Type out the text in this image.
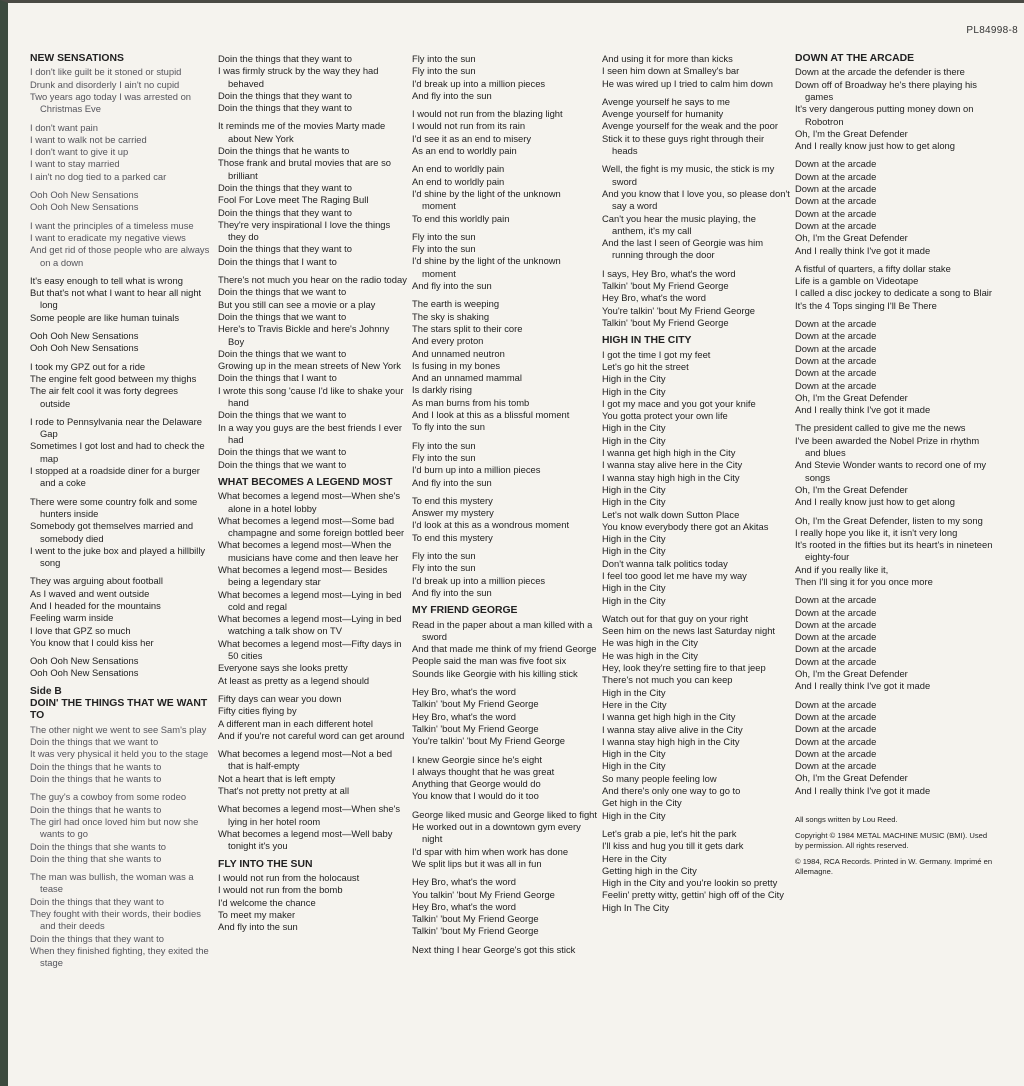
PL84998-8
NEW SENSATIONS
I don't like guilt be it stoned or stupid
Drunk and disorderly I ain't no cupid
Two years ago today I was arrested on Christmas Eve
I don't want pain
I want to walk not be carried
I don't want to give it up
I want to stay married
I ain't no dog tied to a parked car
Ooh Ooh New Sensations
Ooh Ooh New Sensations
I want the principles of a timeless muse
I want to eradicate my negative views
And get rid of those people who are always on a down
It's easy enough to tell what is wrong
But that's not what I want to hear all night long
Some people are like human tuinals
Ooh Ooh New Sensations
Ooh Ooh New Sensations
I took my GPZ out for a ride
The engine felt good between my thighs
The air felt cool it was forty degrees outside
I rode to Pennsylvania near the Delaware Gap
Sometimes I got lost and had to check the map
I stopped at a roadside diner for a burger and a coke
There were some country folk and some hunters inside
Somebody got themselves married and somebody died
I went to the juke box and played a hillbilly song
They was arguing about football
As I waved and went outside
And I headed for the mountains
Feeling warm inside
I love that GPZ so much
You know that I could kiss her
Ooh Ooh New Sensations
Ooh Ooh New Sensations
Side B
DOIN' THE THINGS THAT WE WANT TO
The other night we went to see Sam's play
Doin the things that we want to
It was very physical it held you to the stage
Doin the things that he wants to
Doin the things that he wants to
The guy's a cowboy from some rodeo
Doin the things that he wants to
The girl had once loved him but now she wants to go
Doin the things that she wants to
Doin the thing that she wants to
The man was bullish, the woman was a tease
Doin the things that they want to
They fought with their words, their bodies and their deeds
Doin the things that they want to
When they finished fighting, they exited the stage
Doin the things that they want to
I was firmly struck by the way they had behaved
Doin the things that they want to
Doin the things that they want to
It reminds me of the movies Marty made about New York
Doin the things that he wants to
Those frank and brutal movies that are so brilliant
Doin the things that they want to
Fool For Love meet The Raging Bull
Doin the things that they want to
They're very inspirational I love the things they do
Doin the things that they want to
Doin the things that I want to
There's not much you hear on the radio today
Doin the things that we want to
But you still can see a movie or a play
Doin the things that we want to
Here's to Travis Bickle and here's Johnny Boy
Doin the things that we want to
Growing up in the mean streets of New York
Doin the things that I want to
I wrote this song 'cause I'd like to shake your hand
Doin the things that we want to
In a way you guys are the best friends I ever had
Doin the things that we want to
Doin the things that we want to
WHAT BECOMES A LEGEND MOST
What becomes a legend most—When she's alone in a hotel lobby
What becomes a legend most—Some bad champagne and some foreign bottled beer
What becomes a legend most—When the musicians have come and then leave her
What becomes a legend most— Besides being a legendary star
What becomes a legend most—Lying in bed cold and regal
What becomes a legend most—Lying in bed watching a talk show on TV
What becomes a legend most—Fifty days in 50 cities
Everyone says she looks pretty
At least as pretty as a legend should
Fifty days can wear you down
Fifty cities flying by
A different man in each different hotel
And if you're not careful word can get around
What becomes a legend most—Not a bed that is half-empty
Not a heart that is left empty
That's not pretty not pretty at all
What becomes a legend most—When she's lying in her hotel room
What becomes a legend most—Well baby tonight it's you
FLY INTO THE SUN
I would not run from the holocaust
I would not run from the bomb
I'd welcome the chance
To meet my maker
And fly into the sun
Fly into the sun
Fly into the sun
I'd break up into a million pieces
And fly into the sun
I would not run from the blazing light
I would not run from its rain
I'd see it as an end to misery
As an end to worldly pain
An end to worldly pain
An end to worldly pain
I'd shine by the light of the unknown moment
To end this worldly pain
Fly into the sun
Fly into the sun
I'd shine by the light of the unknown moment
And fly into the sun
The earth is weeping
The sky is shaking
The stars split to their core
And every proton
And unnamed neutron
Is fusing in my bones
And an unnamed mammal
Is darkly rising
As man burns from his tomb
And I look at this as a blissful moment
To fly into the sun
Fly into the sun
Fly into the sun
I'd burn up into a million pieces
And fly into the sun
To end this mystery
Answer my mystery
I'd look at this as a wondrous moment
To end this mystery
Fly into the sun
Fly into the sun
I'd break up into a million pieces
And fly into the sun
MY FRIEND GEORGE
Read in the paper about a man killed with a sword
And that made me think of my friend George
People said the man was five foot six
Sounds like Georgie with his killing stick
Hey Bro, what's the word
Talkin' 'bout My Friend George
Hey Bro, what's the word
Talkin' 'bout My Friend George
You're talkin' 'bout My Friend George
I knew Georgie since he's eight
I always thought that he was great
Anything that George would do
You know that I would do it too
George liked music and George liked to fight
He worked out in a downtown gym every night
I'd spar with him when work has done
We split lips but it was all in fun
Hey Bro, what's the word
You talkin' 'bout My Friend George
Hey Bro, what's the word
Talkin' 'bout My Friend George
Talkin' 'bout My Friend George
Next thing I hear George's got this stick
And using it for more than kicks
I seen him down at Smalley's bar
He was wired up I tried to calm him down
Avenge yourself he says to me
Avenge yourself for humanity
Avenge yourself for the weak and the poor
Stick it to these guys right through their heads
Well, the fight is my music, the stick is my sword
And you know that I love you, so please don't say a word
Can't you hear the music playing, the anthem, it's my call
And the last I seen of Georgie was him running through the door
I says, Hey Bro, what's the word
Talkin' 'bout My Friend George
Hey Bro, what's the word
You're talkin' 'bout My Friend George
Talkin' 'bout My Friend George
HIGH IN THE CITY
I got the time I got my feet
Let's go hit the street
High in the City
High in the City
I got my mace and you got your knife
You gotta protect your own life
High in the City
High in the City
I wanna get high high in the City
I wanna stay alive here in the City
I wanna stay high high in the City
High in the City
High in the City
Let's not walk down Sutton Place
You know everybody there got an Akitas
High in the City
High in the City
Don't wanna talk politics today
I feel too good let me have my way
High in the City
High in the City
Watch out for that guy on your right
Seen him on the news last Saturday night
He was high in the City
He was high in the City
Hey, look they're setting fire to that jeep
There's not much you can keep
High in the City
Here in the City
I wanna get high high in the City
I wanna stay alive alive in the City
I wanna stay high high in the City
High in the City
High in the City
So many people feeling low
And there's only one way to go to
Get high in the City
High in the City
Let's grab a pie, let's hit the park
I'll kiss and hug you till it gets dark
Here in the City
Getting high in the City
High in the City and you're lookin so pretty
Feelin' pretty witty, gettin' high off of the City
High In The City
DOWN AT THE ARCADE
Down at the arcade the defender is there
Down off of Broadway he's there playing his games
It's very dangerous putting money down on Robotron
Oh, I'm the Great Defender
And I really know just how to get along
Down at the arcade
Down at the arcade
Down at the arcade
Down at the arcade
Down at the arcade
Down at the arcade
Oh, I'm the Great Defender
And I really think I've got it made
A fistful of quarters, a fifty dollar stake
Life is a gamble on Videotape
I called a disc jockey to dedicate a song to Blair
It's the 4 Tops singing I'll Be There
Down at the arcade
Down at the arcade
Down at the arcade
Down at the arcade
Down at the arcade
Down at the arcade
Oh, I'm the Great Defender
And I really think I've got it made
The president called to give me the news
I've been awarded the Nobel Prize in rhythm and blues
And Stevie Wonder wants to record one of my songs
Oh, I'm the Great Defender
And I really know just how to get along
Oh, I'm the Great Defender, listen to my song
I really hope you like it, it isn't very long
It's rooted in the fifties but its heart's in nineteen eighty-four
And if you really like it,
Then I'll sing it for you once more
Down at the arcade
Down at the arcade
Down at the arcade
Down at the arcade
Down at the arcade
Down at the arcade
Oh, I'm the Great Defender
And I really think I've got it made
Down at the arcade
Down at the arcade
Down at the arcade
Down at the arcade
Down at the arcade
Down at the arcade
Oh, I'm the Great Defender
And I really think I've got it made

All songs written by Lou Reed.

Copyright © 1984 METAL MACHINE MUSIC (BMI). Used by permission. All rights reserved.

© 1984, RCA Records. Printed in W. Germany. Imprimé en Allemagne.
